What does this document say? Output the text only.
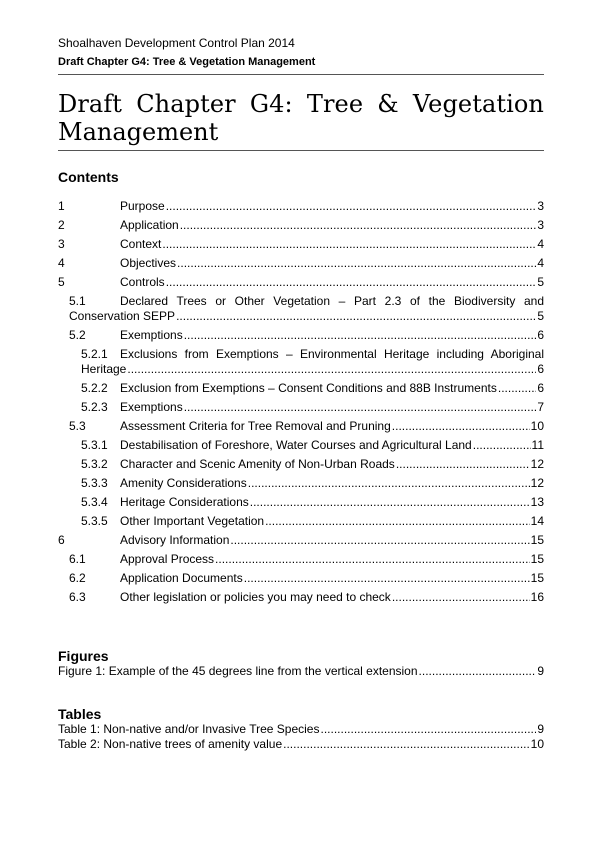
Shoalhaven Development Control Plan 2014
Draft Chapter G4: Tree & Vegetation Management
Draft Chapter G4: Tree & Vegetation
Management
Contents
1	Purpose .....	3
2	Application .....	3
3	Context .....	4
4	Objectives .....	4
5	Controls .....	5
5.1	Declared Trees or Other Vegetation – Part 2.3 of the Biodiversity and
Conservation SEPP .....	5
5.2	Exemptions .....	6
5.2.1 Exclusions from Exemptions – Environmental Heritage including Aboriginal
Heritage .....	6
5.2.2 Exclusion from Exemptions – Consent Conditions and 88B Instruments .....	6
5.2.3 Exemptions .....	7
5.3	Assessment Criteria for Tree Removal and Pruning .....	10
5.3.1 Destabilisation of Foreshore, Water Courses and Agricultural Land .....	11
5.3.2 Character and Scenic Amenity of Non-Urban Roads .....	12
5.3.3 Amenity Considerations .....	12
5.3.4 Heritage Considerations .....	13
5.3.5 Other Important Vegetation .....	14
6	Advisory Information .....	15
6.1	Approval Process .....	15
6.2	Application Documents .....	15
6.3	Other legislation or policies you may need to check .....	16
Figures
Figure 1: Example of the 45 degrees line from the vertical extension .....	9
Tables
Table 1: Non-native and/or Invasive Tree Species .....	9
Table 2: Non-native trees of amenity value .....	10
